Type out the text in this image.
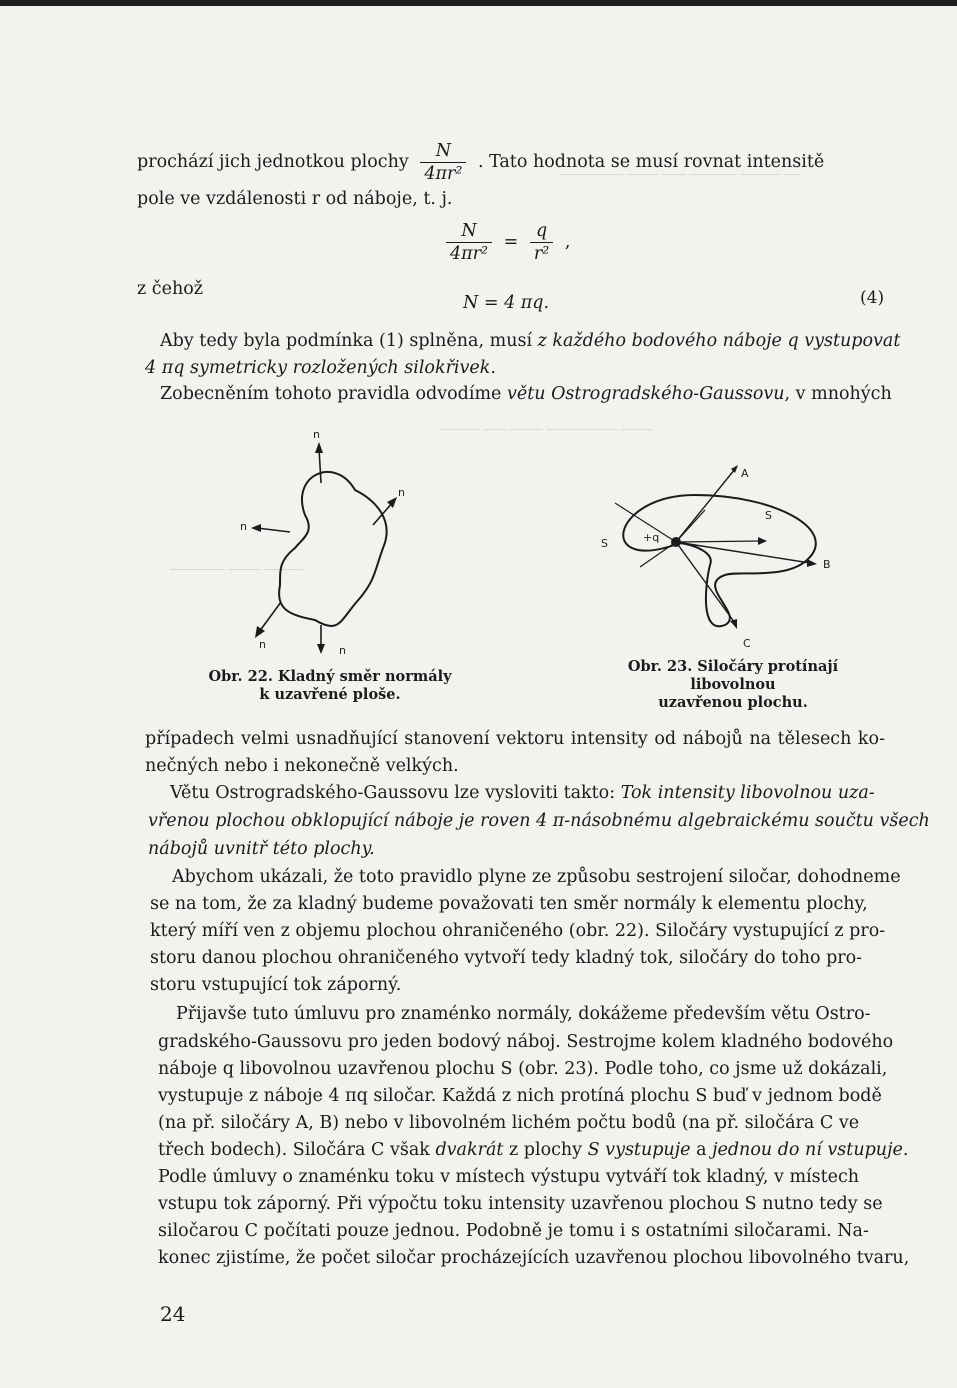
──────── ──── ─── ────── ───── ──
───── ─── ──── ───────── ────
─────── ──── ─────
prochází jich jednotkou plochy $\frac{N}{\text{4πr²}}$ . Tato hodnota se musí rovnat intensitě
pole ve vzdálenosti r od náboje, t. j.
$\frac{N}{\text{4πr²}} = \frac{q}{\text{r²}}$ ,
z čehož
N = 4 πq.	(4)
Aby tedy byla podmínka (1) splněna, musí z každého bodového náboje q vystupovat
4 πq symetricky rozložených silokřivek.
Zobecněním tohoto pravidla odvodíme větu Ostrogradského-Gaussovu, v mnohých
n
n
n
n	n
Obr. 22. Kladný směr normály
k uzavřené ploše.
A
B
C
S
S	+q
Obr. 23. Siločáry protínají libovolnou
uzavřenou plochu.
případech velmi usnadňující stanovení vektoru intensity od nábojů na tělesech ko-
nečných nebo i nekonečně velkých.
Větu Ostrogradského-Gaussovu lze vysloviti takto: Tok intensity libovolnou uza-
vřenou plochou obklopující náboje je roven 4 π-násobnému algebraickému součtu všech
nábojů uvnitř této plochy.
Abychom ukázali, že toto pravidlo plyne ze způsobu sestrojení siločar, dohodneme
se na tom, že za kladný budeme považovati ten směr normály k elementu plochy,
který míří ven z objemu plochou ohraničeného (obr. 22). Siločáry vystupující z pro-
storu danou plochou ohraničeného vytvoří tedy kladný tok, siločáry do toho pro-
storu vstupující tok záporný.
Přijavše tuto úmluvu pro znaménko normály, dokážeme především větu Ostro-
gradského-Gaussovu pro jeden bodový náboj. Sestrojme kolem kladného bodového
náboje q libovolnou uzavřenou plochu S (obr. 23). Podle toho, co jsme už dokázali,
vystupuje z náboje 4 πq siločar. Každá z nich protíná plochu S buď v jednom bodě
(na př. siločáry A, B) nebo v libovolném lichém počtu bodů (na př. siločára C ve
třech bodech). Siločára C však dvakrát z plochy S vystupuje a jednou do ní vstupuje.
Podle úmluvy o znaménku toku v místech výstupu vytváří tok kladný, v místech
vstupu tok záporný. Při výpočtu toku intensity uzavřenou plochou S nutno tedy se
siločarou C počítati pouze jednou. Podobně je tomu i s ostatními siločarami. Na-
konec zjistíme, že počet siločar procházejících uzavřenou plochou libovolného tvaru,
24
